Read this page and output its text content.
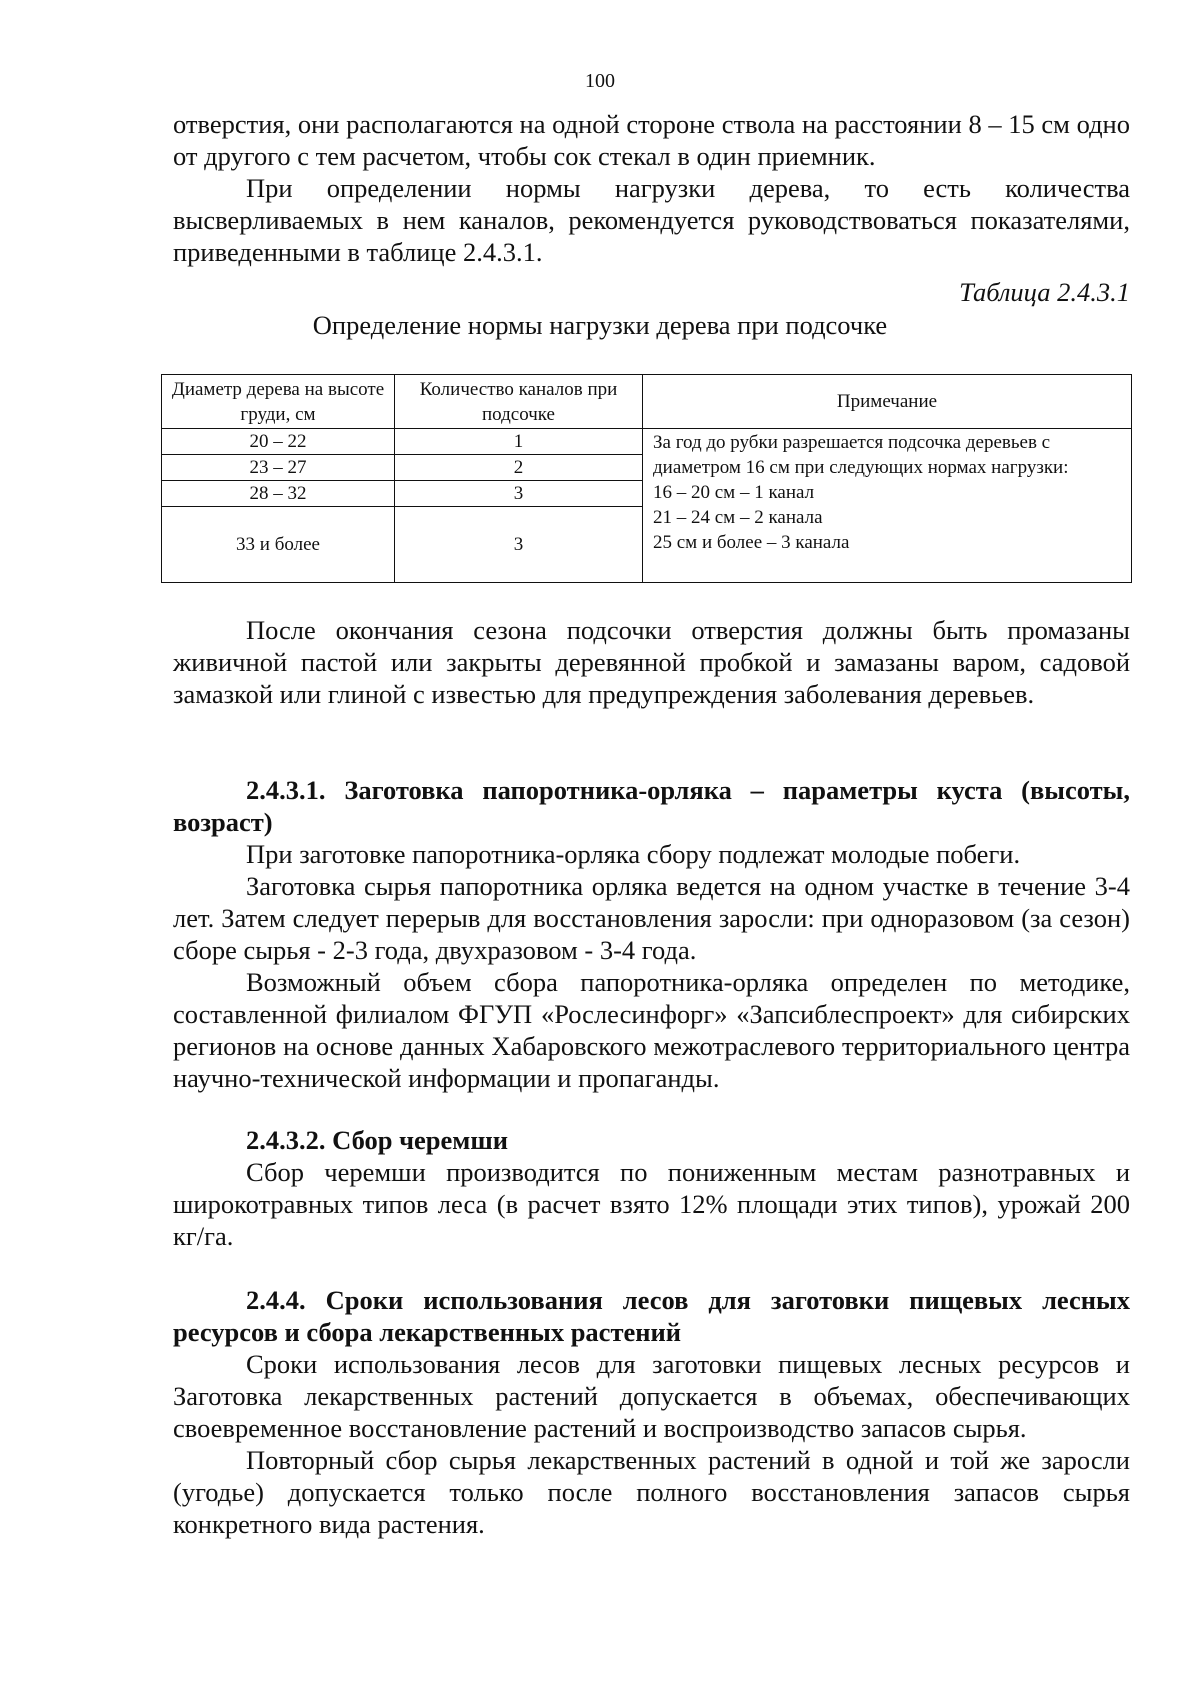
100

отверстия, они располагаются на одной стороне ствола на расстоянии 8 – 15 см одно от другого с тем расчетом, чтобы сок стекал в один приемник.

При определении нормы нагрузки дерева, то есть количества высверливаемых в нем каналов, рекомендуется руководствоваться показателями, приведенными в таблице 2.4.3.1.

Таблица 2.4.3.1
Определение нормы нагрузки дерева при подсочке
Диаметр дерева на высоте груди, см	Количество каналов при подсочке	Примечание
20 – 22	1	За год до рубки разрешается подсочка деревьев с диаметром 16 см при следующих нормах нагрузки:
16 – 20 см – 1 канал
21 – 24 см – 2 канала
25 см и более – 3 канала

23 – 27	2	
28 – 32	3	
33 и более	3	

После окончания сезона подсочки отверстия должны быть промазаны живичной пастой или закрыты деревянной пробкой и замазаны варом, садовой замазкой или глиной с известью для предупреждения заболевания деревьев.

2.4.3.1. Заготовка папоротника-орляка – параметры куста (высоты, возраст)

При заготовке папоротника-орляка сбору подлежат молодые побеги.

Заготовка сырья папоротника орляка ведется на одном участке в течение 3-4 лет. Затем следует перерыв для восстановления заросли: при одноразовом (за сезон) сборе сырья - 2-3 года, двухразовом - 3-4 года.

Возможный объем сбора папоротника-орляка определен по методике, составленной филиалом ФГУП «Рослесинфорг» «Запсиблеспроект» для сибирских регионов на основе данных Хабаровского межотраслевого территориального центра научно-технической информации и пропаганды.

2.4.3.2. Сбор черемши

Сбор черемши производится по пониженным местам разнотравных и широкотравных типов леса (в расчет взято 12% площади этих типов), урожай 200 кг/га.

2.4.4. Сроки использования лесов для заготовки пищевых лесных ресурсов и сбора лекарственных растений

Сроки использования лесов для заготовки пищевых лесных ресурсов и Заготовка лекарственных растений допускается в объемах, обеспечивающих своевременное восстановление растений и воспроизводство запасов сырья.

Повторный сбор сырья лекарственных растений в одной и той же заросли (угодье) допускается только после полного восстановления запасов сырья конкретного вида растения.
